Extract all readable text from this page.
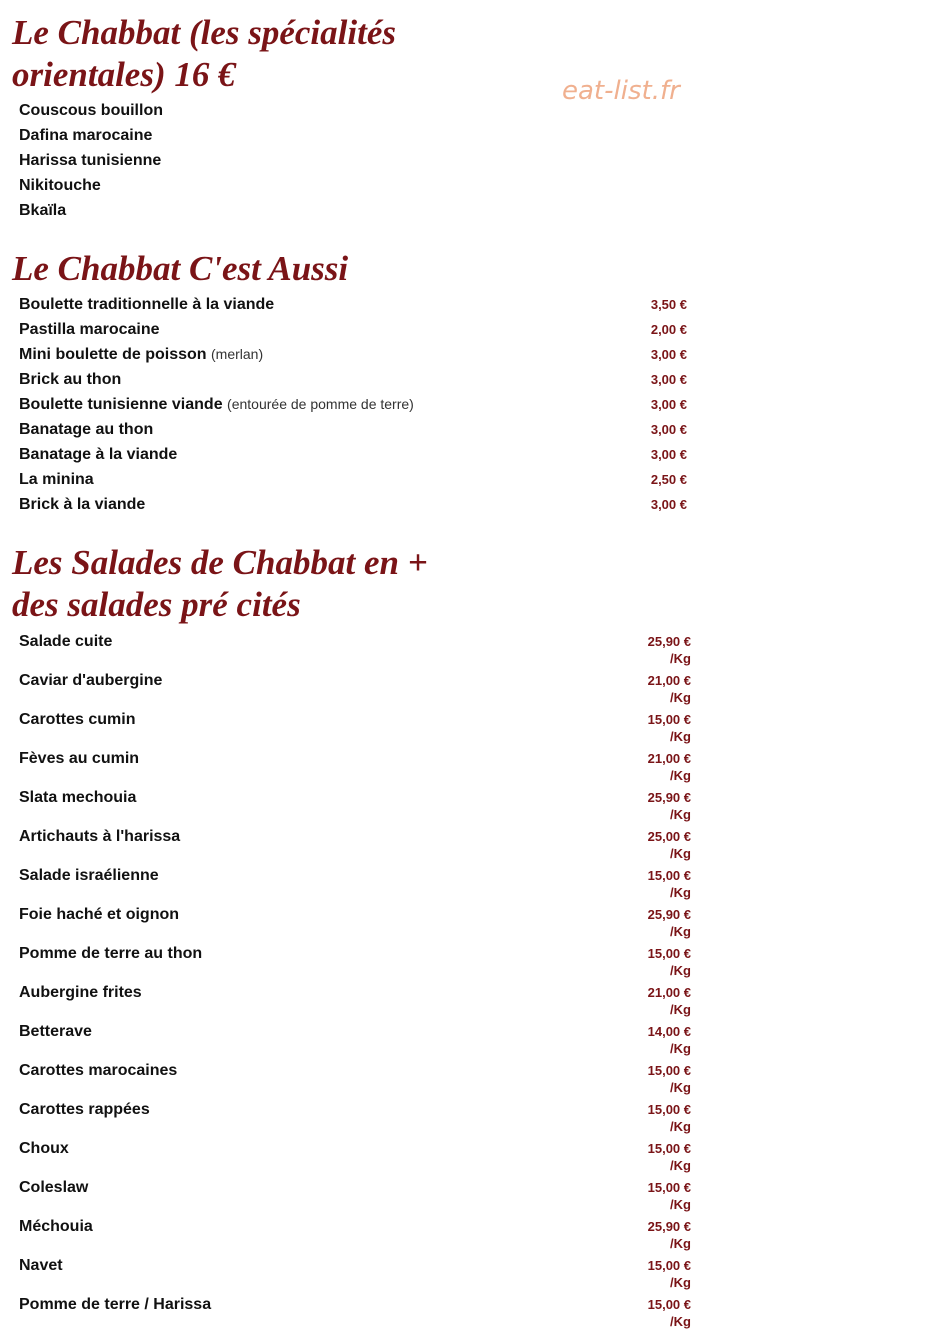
Le Chabbat (les spécialités
orientales) 16 €	eat-list.fr
Couscous bouillon
Dafina marocaine
Harissa tunisienne
Nikitouche
Bkaïla
Le Chabbat C'est Aussi
Boulette traditionnelle à la viande	3,50 €
Pastilla marocaine	2,00 €
Mini boulette de poisson (merlan)	3,00 €
Brick au thon	3,00 €
Boulette tunisienne viande (entourée de pomme de terre)	3,00 €
Banatage au thon	3,00 €
Banatage à la viande	3,00 €
La minina	2,50 €
Brick à la viande	3,00 €
Les Salades de Chabbat en +
des salades pré cités
Salade cuite	25,90 €
/Kg
Caviar d'aubergine	21,00 €
/Kg
Carottes cumin	15,00 €
/Kg
Fèves au cumin	21,00 €
/Kg
Slata mechouia	25,90 €
/Kg
Artichauts à l'harissa	25,00 €
/Kg
Salade israélienne	15,00 €
/Kg
Foie haché et oignon	25,90 €
/Kg
Pomme de terre au thon	15,00 €
/Kg
Aubergine frites	21,00 €
/Kg
Betterave	14,00 €
/Kg
Carottes marocaines	15,00 €
/Kg
Carottes rappées	15,00 €
/Kg
Choux	15,00 €
/Kg
Coleslaw	15,00 €
/Kg
Méchouia	25,90 €
/Kg
Navet	15,00 €
/Kg
Pomme de terre / Harissa	15,00 €
/Kg
